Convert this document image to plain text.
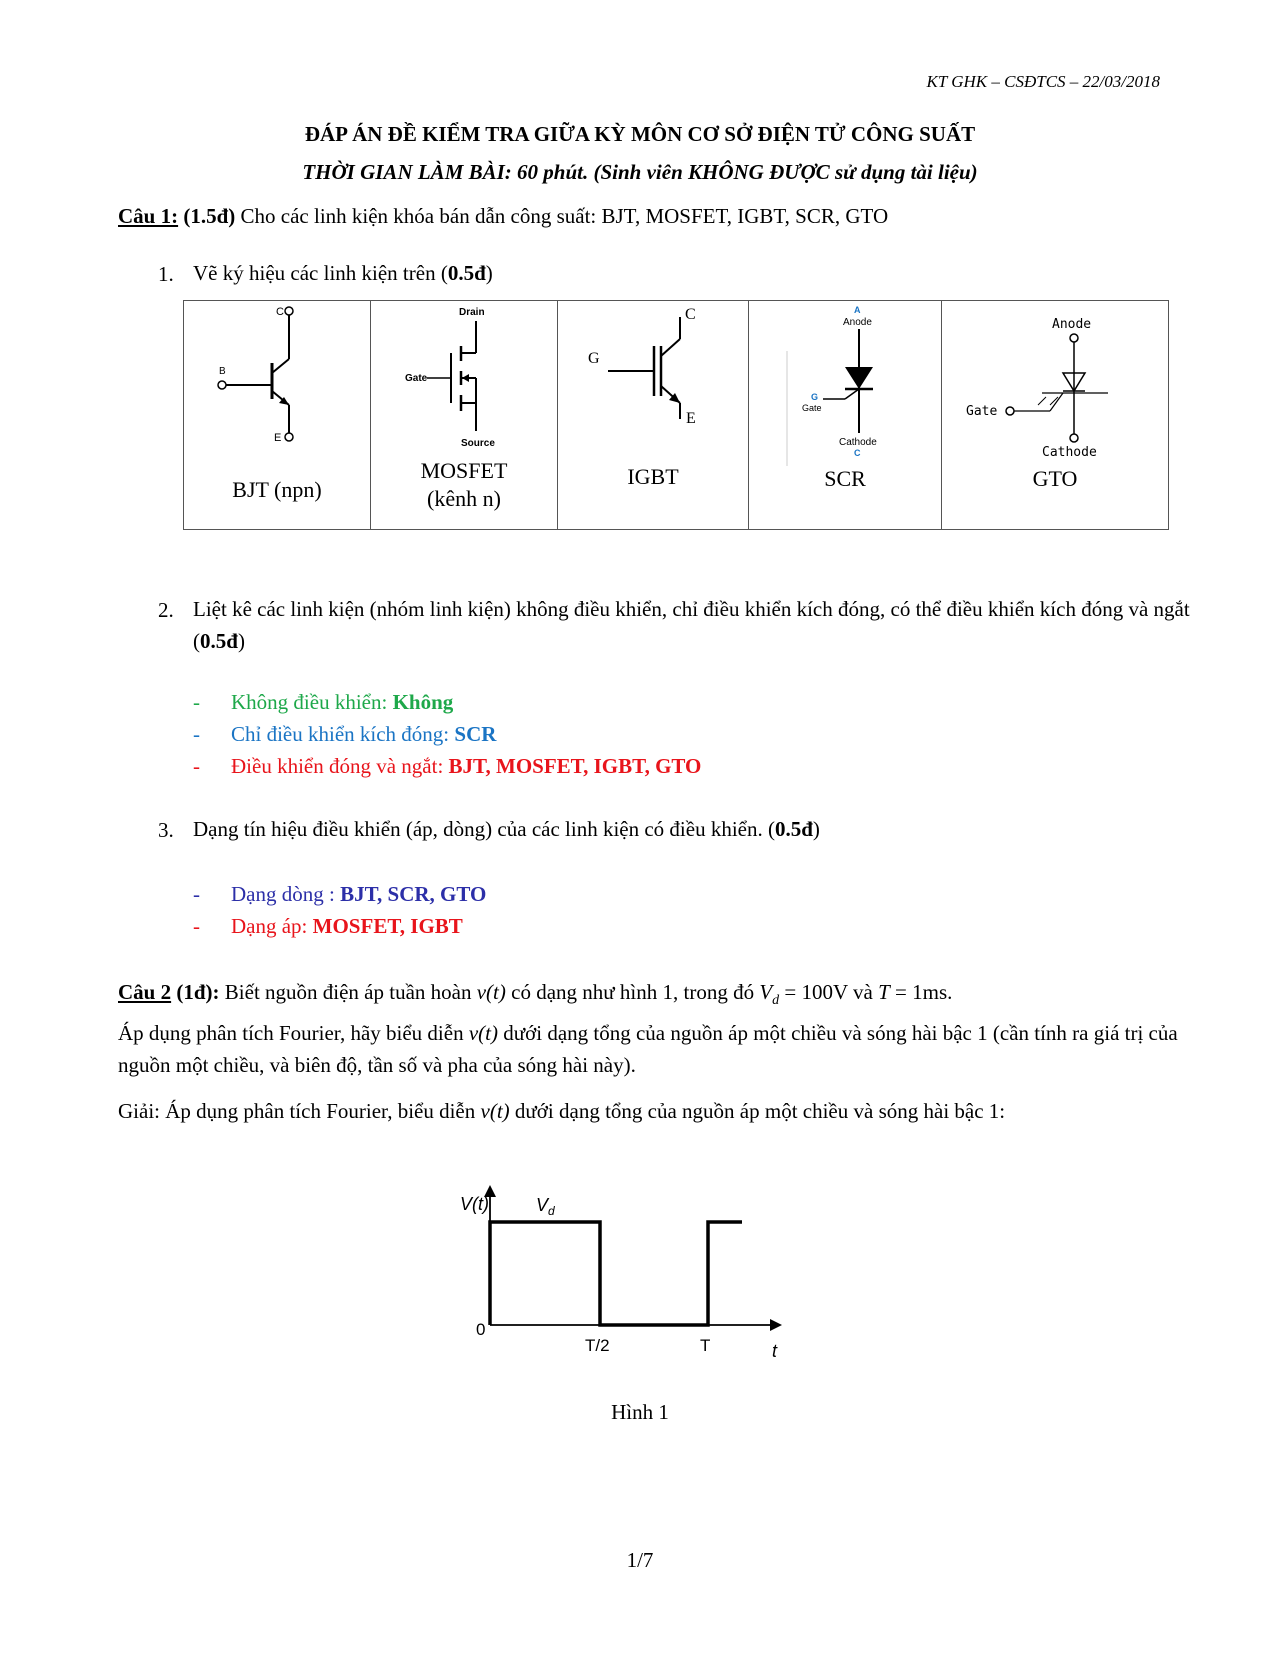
KT GHK – CSĐTCS – 22/03/2018
ĐÁP ÁN ĐỀ KIỂM TRA GIỮA KỲ MÔN CƠ SỞ ĐIỆN TỬ CÔNG SUẤT
THỜI GIAN LÀM BÀI: 60 phút. (Sinh viên KHÔNG ĐƯỢC sử dụng tài liệu)
Câu 1: (1.5đ) Cho các linh kiện khóa bán dẫn công suất: BJT, MOSFET, IGBT, SCR, GTO
1. Vẽ ký hiệu các linh kiện trên (0.5đ)
C
B
E
BJT (npn)

Drain
Gate
Source
MOSFET
(kênh n)

C
G
E
IGBT

A
Anode
G
Gate
Cathode
C
SCR

Anode
Gate
Cathode
GTO
2. Liệt kê các linh kiện (nhóm linh kiện) không điều khiển, chỉ điều khiển kích đóng, có thể điều khiển kích đóng và ngắt (0.5đ)
- Không điều khiển: Không
- Chỉ điều khiển kích đóng: SCR
- Điều khiển đóng và ngắt: BJT, MOSFET, IGBT, GTO
3. Dạng tín hiệu điều khiển (áp, dòng) của các linh kiện có điều khiển. (0.5đ)
- Dạng dòng : BJT, SCR, GTO
- Dạng áp: MOSFET, IGBT
Câu 2 (1đ): Biết nguồn điện áp tuần hoàn v(t) có dạng như hình 1, trong đó $V_d = 100V$ và T = 1ms.
Áp dụng phân tích Fourier, hãy biểu diễn v(t) dưới dạng tổng của nguồn áp một chiều và sóng hài bậc 1 (cần tính ra giá trị của nguồn một chiều, và biên độ, tần số và pha của sóng hài này).
Giải: Áp dụng phân tích Fourier, biểu diễn v(t) dưới dạng tổng của nguồn áp một chiều và sóng hài bậc 1:
V(t)	$V_d$
0
T/2	T	t
Hình 1
1/7
